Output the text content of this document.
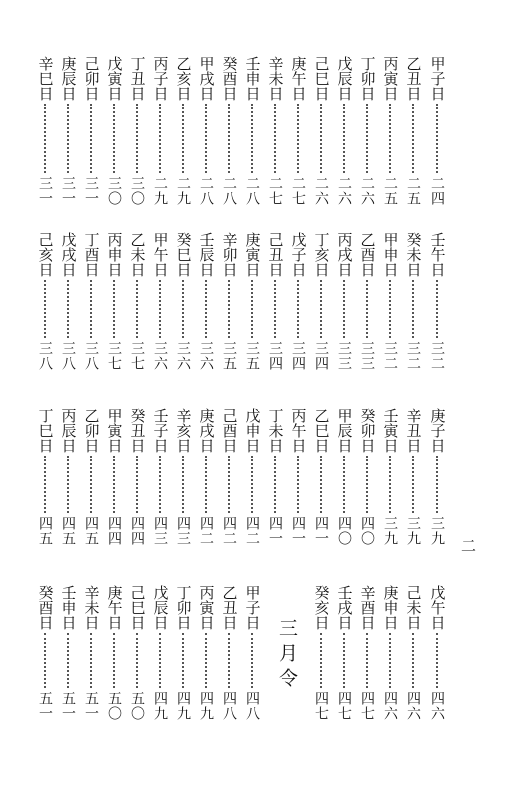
二
三月令
甲子日
二四
乙丑日
二五
丙寅日
二五
丁卯日
二六
戊辰日
二六
己巳日
二六
庚午日
二七
辛未日
二七
壬申日
二八
癸酉日
二八
甲戌日
二八
乙亥日
二九
丙子日
二九
丁丑日
三〇
戊寅日
三〇
己卯日
三一
庚辰日
三一
辛巳日
三一
壬午日
三二
癸未日
三二
甲申日
三二
乙酉日
三三
丙戌日
三三
丁亥日
三四
戊子日
三四
己丑日
三四
庚寅日
三五
辛卯日
三五
壬辰日
三六
癸巳日
三六
甲午日
三六
乙未日
三七
丙申日
三七
丁酉日
三八
戊戌日
三八
己亥日
三八
庚子日
三九
辛丑日
三九
壬寅日
三九
癸卯日
四〇
甲辰日
四〇
乙巳日
四一
丙午日
四一
丁未日
四一
戊申日
四二
己酉日
四二
庚戌日
四二
辛亥日
四三
壬子日
四三
癸丑日
四四
甲寅日
四四
乙卯日
四五
丙辰日
四五
丁巳日
四五
戊午日
四六
己未日
四六
庚申日
四六
辛酉日
四七
壬戌日
四七
癸亥日
四七
甲子日
四八
乙丑日
四八
丙寅日
四九
丁卯日
四九
戊辰日
四九
己巳日
五〇
庚午日
五〇
辛未日
五一
壬申日
五一
癸酉日
五一
